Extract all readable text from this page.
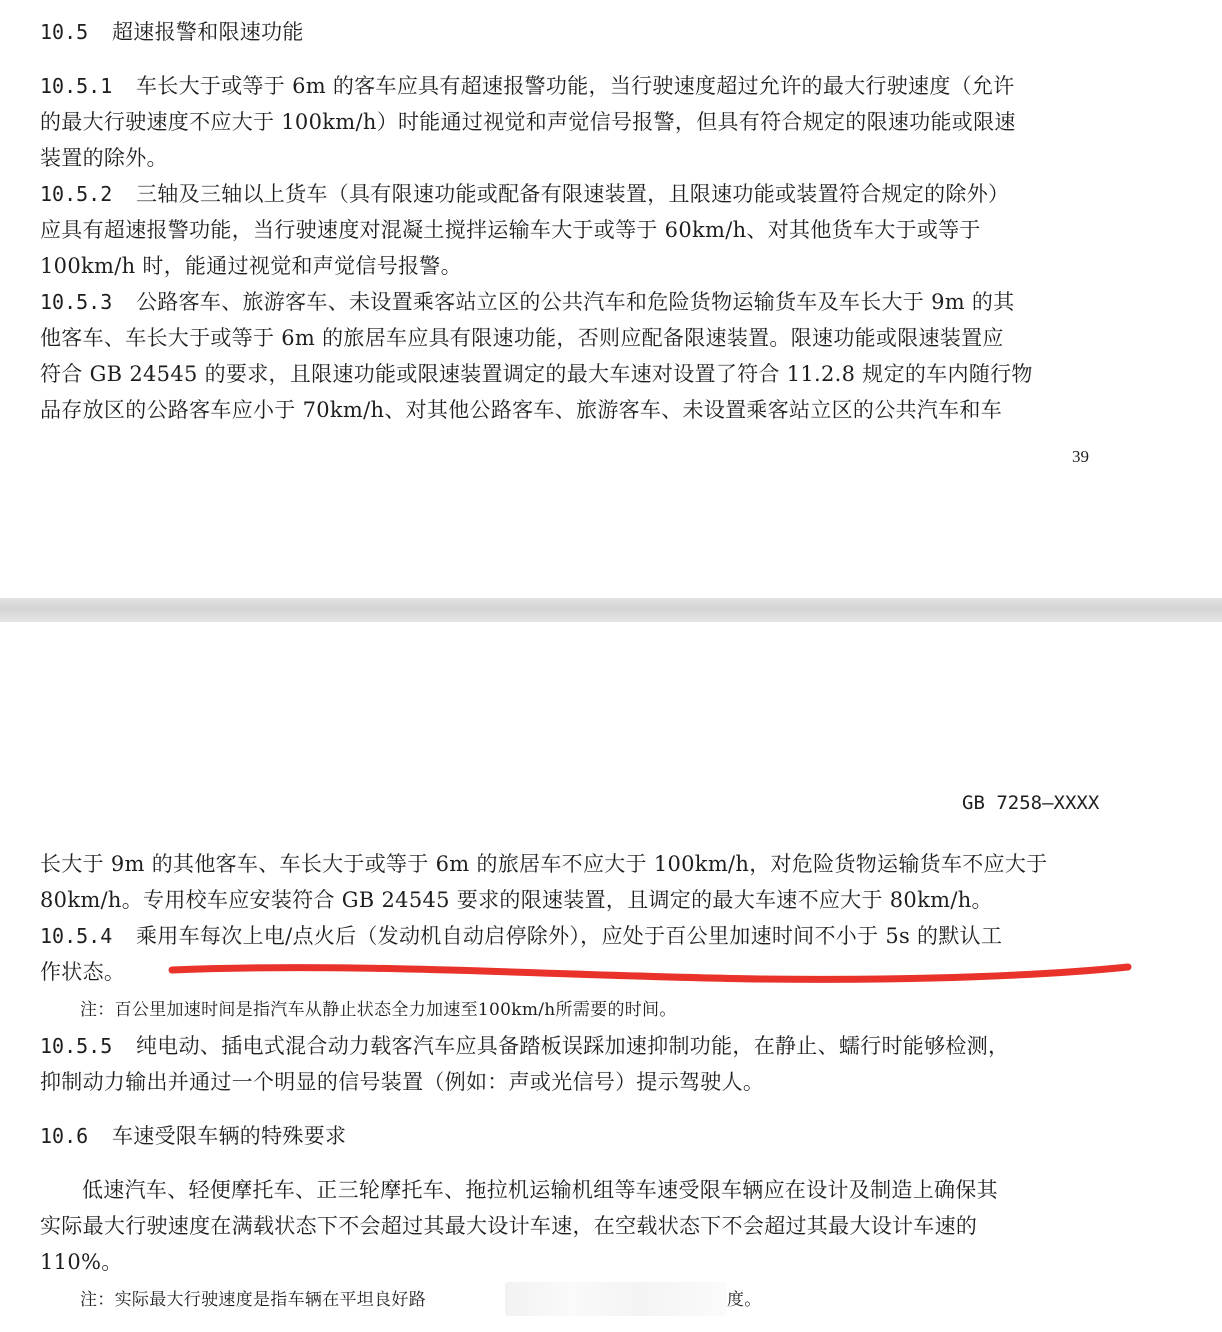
10.5 超速报警和限速功能
10.5.1 车长大于或等于 6m 的客车应具有超速报警功能，当行驶速度超过允许的最大行驶速度（允许
的最大行驶速度不应大于 100km/h）时能通过视觉和声觉信号报警，但具有符合规定的限速功能或限速
装置的除外。
10.5.2 三轴及三轴以上货车（具有限速功能或配备有限速装置，且限速功能或装置符合规定的除外）
应具有超速报警功能，当行驶速度对混凝土搅拌运输车大于或等于 60km/h、对其他货车大于或等于
100km/h 时，能通过视觉和声觉信号报警。
10.5.3 公路客车、旅游客车、未设置乘客站立区的公共汽车和危险货物运输货车及车长大于 9m 的其
他客车、车长大于或等于 6m 的旅居车应具有限速功能，否则应配备限速装置。限速功能或限速装置应
符合 GB 24545 的要求，且限速功能或限速装置调定的最大车速对设置了符合 11.2.8 规定的车内随行物
品存放区的公路客车应小于 70km/h、对其他公路客车、旅游客车、未设置乘客站立区的公共汽车和车
39
GB 7258—XXXX
长大于 9m 的其他客车、车长大于或等于 6m 的旅居车不应大于 100km/h，对危险货物运输货车不应大于
80km/h。专用校车应安装符合 GB 24545 要求的限速装置，且调定的最大车速不应大于 80km/h。
10.5.4 乘用车每次上电/点火后（发动机自动启停除外），应处于百公里加速时间不小于 5s 的默认工
作状态。
注：百公里加速时间是指汽车从静止状态全力加速至100km/h所需要的时间。
10.5.5 纯电动、插电式混合动力载客汽车应具备踏板误踩加速抑制功能，在静止、蠕行时能够检测，
抑制动力输出并通过一个明显的信号装置（例如：声或光信号）提示驾驶人。
10.6 车速受限车辆的特殊要求
低速汽车、轻便摩托车、正三轮摩托车、拖拉机运输机组等车速受限车辆应在设计及制造上确保其
实际最大行驶速度在满载状态下不会超过其最大设计车速，在空载状态下不会超过其最大设计车速的
110%。
注：实际最大行驶速度是指车辆在平坦良好路	度。
